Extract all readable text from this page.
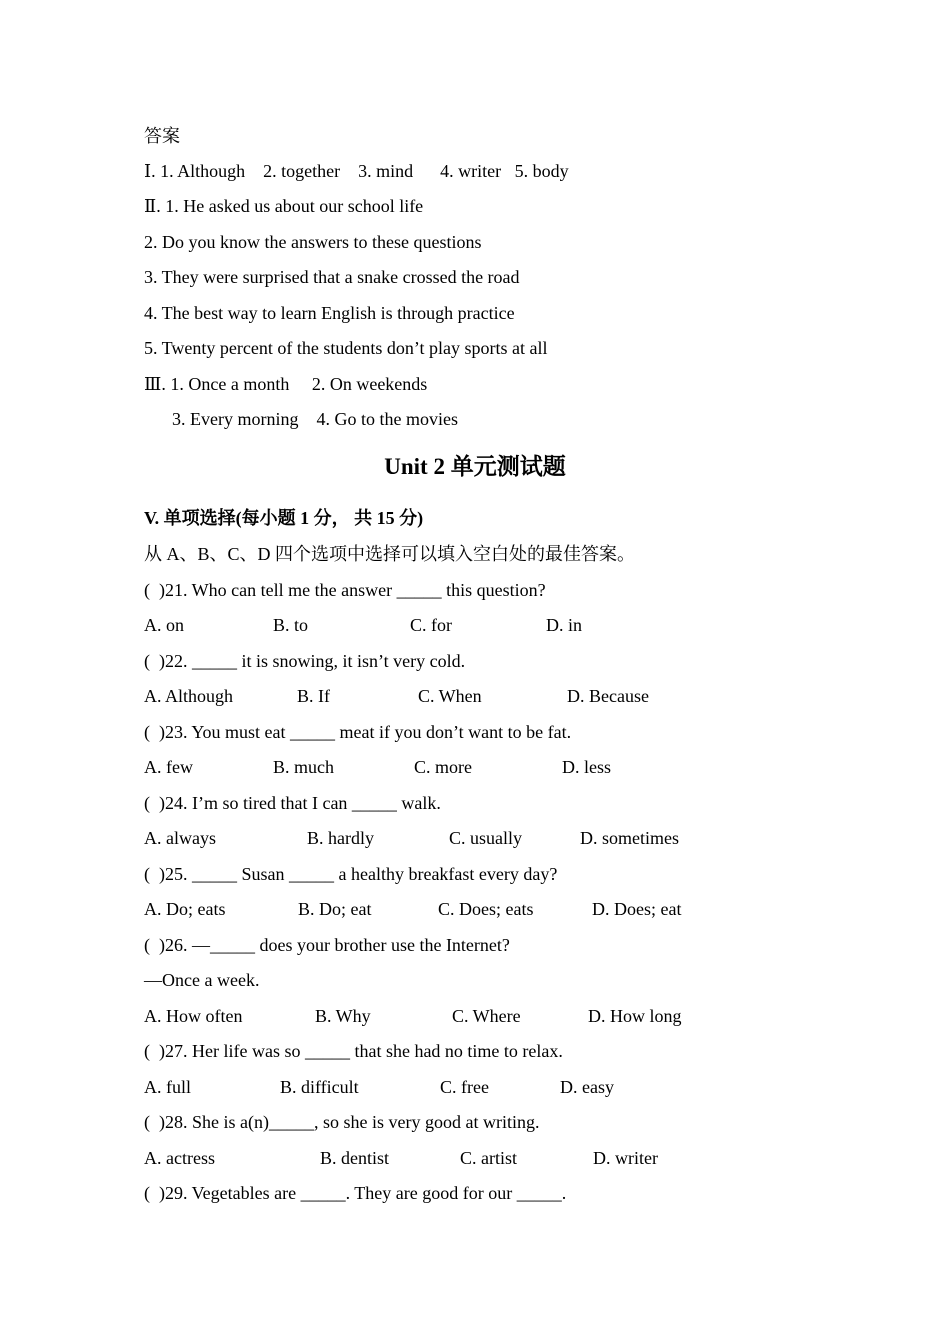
答案
Ⅰ. 1. Although    2. together    3. mind      4. writer   5. body
Ⅱ. 1. He asked us about our school life
2. Do you know the answers to these questions
3. They were surprised that a snake crossed the road
4. The best way to learn English is through practice
5. Twenty percent of the students don’t play sports at all
Ⅲ. 1. Once a month     2. On weekends
3. Every morning    4. Go to the movies
Unit 2 单元测试题
V. 单项选择(每小题 1 分， 共 15 分)
从 A、B、C、D 四个选项中选择可以填入空白处的最佳答案。
(  )21. Who can tell me the answer _____ this question?
A. on	B. to	C. for	D. in
(  )22. _____ it is snowing, it isn’t very cold.
A. Although	B. If	C. When	D. Because
(  )23. You must eat _____ meat if you don’t want to be fat.
A. few	B. much	C. more	D. less
(  )24. I’m so tired that I can _____ walk.
A. always	B. hardly	C. usually	D. sometimes
(  )25. _____ Susan _____ a healthy breakfast every day?
A. Do; eats	B. Do; eat	C. Does; eats	D. Does; eat
(  )26. —_____ does your brother use the Internet?
—Once a week.
A. How often	B. Why	C. Where	D. How long
(  )27. Her life was so _____ that she had no time to relax.
A. full	B. difficult	C. free	D. easy
(  )28. She is a(n)_____, so she is very good at writing.
A. actress	B. dentist	C. artist	D. writer
(  )29. Vegetables are _____. They are good for our _____.
